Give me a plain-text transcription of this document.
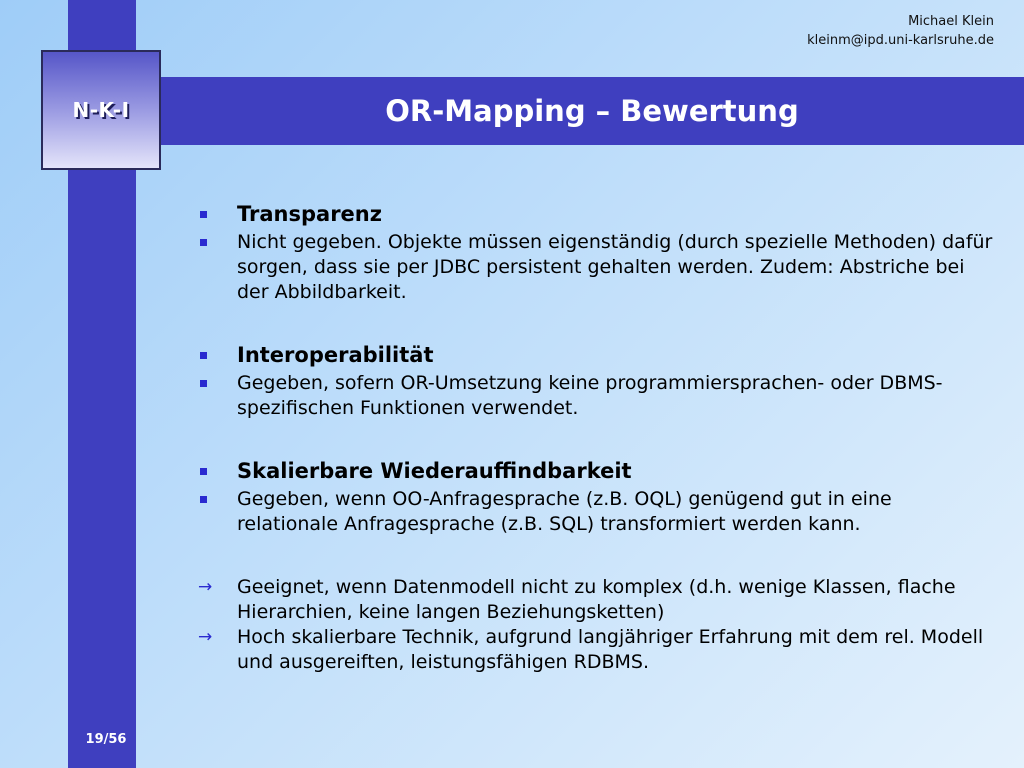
Michael Klein
kleinm@ipd.uni-karlsruhe.de
N-K-I	OR-Mapping – Bewertung
Transparenz
Nicht gegeben. Objekte müssen eigenständig (durch spezielle Methoden) dafür sorgen, dass sie per JDBC persistent gehalten werden. Zudem: Abstriche bei der Abbildbarkeit.
Interoperabilität
Gegeben, sofern OR-Umsetzung keine programmiersprachen- oder DBMS-spezifischen Funktionen verwendet.
Skalierbare Wiederauffindbarkeit
Gegeben, wenn OO-Anfragesprache (z.B. OQL) genügend gut in eine relationale Anfragesprache (z.B. SQL) transformiert werden kann.
→ Geeignet, wenn Datenmodell nicht zu komplex (d.h. wenige Klassen, flache Hierarchien, keine langen Beziehungsketten)
→ Hoch skalierbare Technik, aufgrund langjähriger Erfahrung mit dem rel. Modell und ausgereiften, leistungsfähigen RDBMS.
19/56
